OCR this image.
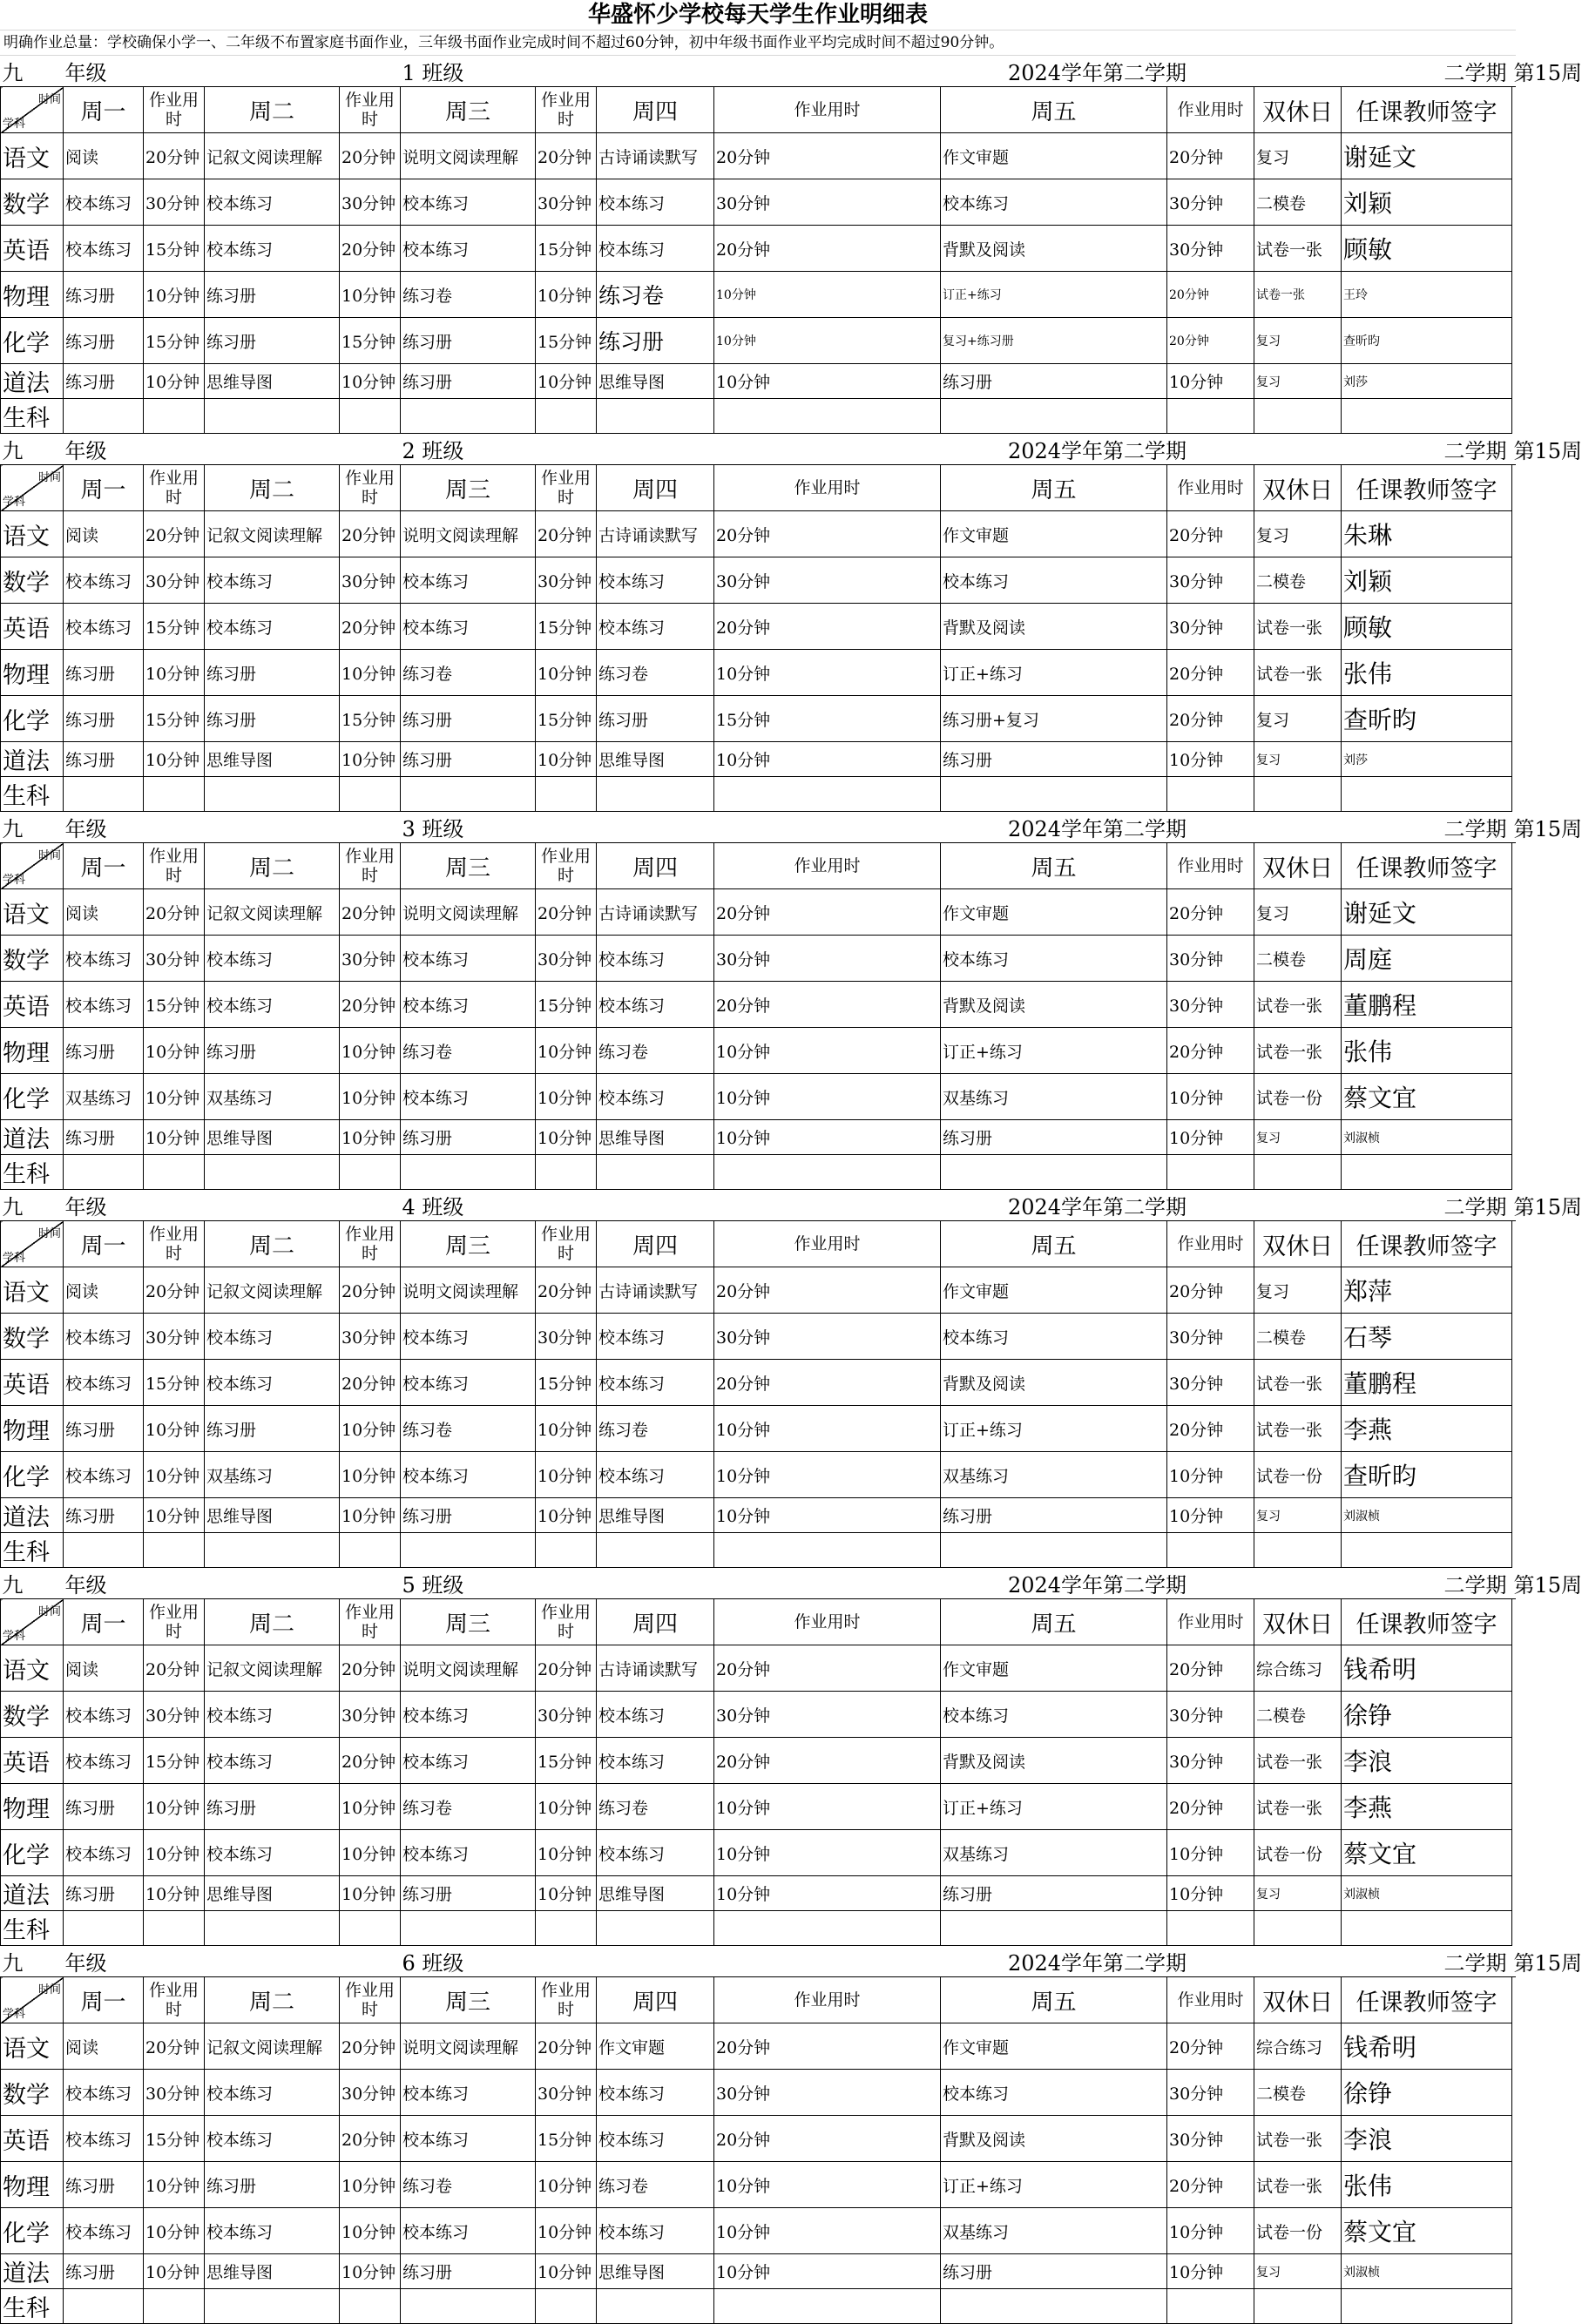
华盛怀少学校每天学生作业明细表
明确作业总量：学校确保小学一、二年级不布置家庭书面作业，三年级书面作业完成时间不超过60分钟，初中年级书面作业平均完成时间不超过90分钟。
九	年级				1 班级				2024学年第二学期		二学期		第15周

时间
学科	周一	作业用时	周二	作业用时	周三	作业用时	周四	作业用时	周五	作业用时	双休日	任课教师签字	
语文	阅读	20分钟	记叙文阅读理解	20分钟	说明文阅读理解	20分钟	古诗诵读默写	20分钟	作文审题	20分钟	复习	谢延文	
数学	校本练习	30分钟	校本练习	30分钟	校本练习	30分钟	校本练习	30分钟	校本练习	30分钟	二模卷	刘颖	
英语	校本练习	15分钟	校本练习	20分钟	校本练习	15分钟	校本练习	20分钟	背默及阅读	30分钟	试卷一张	顾敏	
物理	练习册	10分钟	练习册	10分钟	练习卷	10分钟	练习卷	10分钟	订正+练习	20分钟	试卷一张	王玲	
化学	练习册	15分钟	练习册	15分钟	练习册	15分钟	练习册	10分钟	复习+练习册	20分钟	复习	查昕昀	
道法	练习册	10分钟	思维导图	10分钟	练习册	10分钟	思维导图	10分钟	练习册	10分钟	复习	刘莎	
生科													
九	年级				2 班级				2024学年第二学期		二学期		第15周

时间
学科	周一	作业用时	周二	作业用时	周三	作业用时	周四	作业用时	周五	作业用时	双休日	任课教师签字	
语文	阅读	20分钟	记叙文阅读理解	20分钟	说明文阅读理解	20分钟	古诗诵读默写	20分钟	作文审题	20分钟	复习	朱琳	
数学	校本练习	30分钟	校本练习	30分钟	校本练习	30分钟	校本练习	30分钟	校本练习	30分钟	二模卷	刘颖	
英语	校本练习	15分钟	校本练习	20分钟	校本练习	15分钟	校本练习	20分钟	背默及阅读	30分钟	试卷一张	顾敏	
物理	练习册	10分钟	练习册	10分钟	练习卷	10分钟	练习卷	10分钟	订正+练习	20分钟	试卷一张	张伟	
化学	练习册	15分钟	练习册	15分钟	练习册	15分钟	练习册	15分钟	练习册+复习	20分钟	复习	查昕昀	
道法	练习册	10分钟	思维导图	10分钟	练习册	10分钟	思维导图	10分钟	练习册	10分钟	复习	刘莎	
生科													
九	年级				3 班级				2024学年第二学期		二学期		第15周

时间
学科	周一	作业用时	周二	作业用时	周三	作业用时	周四	作业用时	周五	作业用时	双休日	任课教师签字	
语文	阅读	20分钟	记叙文阅读理解	20分钟	说明文阅读理解	20分钟	古诗诵读默写	20分钟	作文审题	20分钟	复习	谢延文	
数学	校本练习	30分钟	校本练习	30分钟	校本练习	30分钟	校本练习	30分钟	校本练习	30分钟	二模卷	周庭	
英语	校本练习	15分钟	校本练习	20分钟	校本练习	15分钟	校本练习	20分钟	背默及阅读	30分钟	试卷一张	董鹏程	
物理	练习册	10分钟	练习册	10分钟	练习卷	10分钟	练习卷	10分钟	订正+练习	20分钟	试卷一张	张伟	
化学	双基练习	10分钟	双基练习	10分钟	校本练习	10分钟	校本练习	10分钟	双基练习	10分钟	试卷一份	蔡文宜	
道法	练习册	10分钟	思维导图	10分钟	练习册	10分钟	思维导图	10分钟	练习册	10分钟	复习	刘淑桢	
生科													
九	年级				4 班级				2024学年第二学期		二学期		第15周

时间
学科	周一	作业用时	周二	作业用时	周三	作业用时	周四	作业用时	周五	作业用时	双休日	任课教师签字	
语文	阅读	20分钟	记叙文阅读理解	20分钟	说明文阅读理解	20分钟	古诗诵读默写	20分钟	作文审题	20分钟	复习	郑萍	
数学	校本练习	30分钟	校本练习	30分钟	校本练习	30分钟	校本练习	30分钟	校本练习	30分钟	二模卷	石琴	
英语	校本练习	15分钟	校本练习	20分钟	校本练习	15分钟	校本练习	20分钟	背默及阅读	30分钟	试卷一张	董鹏程	
物理	练习册	10分钟	练习册	10分钟	练习卷	10分钟	练习卷	10分钟	订正+练习	20分钟	试卷一张	李燕	
化学	校本练习	10分钟	双基练习	10分钟	校本练习	10分钟	校本练习	10分钟	双基练习	10分钟	试卷一份	查昕昀	
道法	练习册	10分钟	思维导图	10分钟	练习册	10分钟	思维导图	10分钟	练习册	10分钟	复习	刘淑桢	
生科													
九	年级				5 班级				2024学年第二学期		二学期		第15周

时间
学科	周一	作业用时	周二	作业用时	周三	作业用时	周四	作业用时	周五	作业用时	双休日	任课教师签字	
语文	阅读	20分钟	记叙文阅读理解	20分钟	说明文阅读理解	20分钟	古诗诵读默写	20分钟	作文审题	20分钟	综合练习	钱希明	
数学	校本练习	30分钟	校本练习	30分钟	校本练习	30分钟	校本练习	30分钟	校本练习	30分钟	二模卷	徐铮	
英语	校本练习	15分钟	校本练习	20分钟	校本练习	15分钟	校本练习	20分钟	背默及阅读	30分钟	试卷一张	李浪	
物理	练习册	10分钟	练习册	10分钟	练习卷	10分钟	练习卷	10分钟	订正+练习	20分钟	试卷一张	李燕	
化学	校本练习	10分钟	校本练习	10分钟	校本练习	10分钟	校本练习	10分钟	双基练习	10分钟	试卷一份	蔡文宜	
道法	练习册	10分钟	思维导图	10分钟	练习册	10分钟	思维导图	10分钟	练习册	10分钟	复习	刘淑桢	
生科													
九	年级				6 班级				2024学年第二学期		二学期		第15周

时间
学科	周一	作业用时	周二	作业用时	周三	作业用时	周四	作业用时	周五	作业用时	双休日	任课教师签字	
语文	阅读	20分钟	记叙文阅读理解	20分钟	说明文阅读理解	20分钟	作文审题	20分钟	作文审题	20分钟	综合练习	钱希明	
数学	校本练习	30分钟	校本练习	30分钟	校本练习	30分钟	校本练习	30分钟	校本练习	30分钟	二模卷	徐铮	
英语	校本练习	15分钟	校本练习	20分钟	校本练习	15分钟	校本练习	20分钟	背默及阅读	30分钟	试卷一张	李浪	
物理	练习册	10分钟	练习册	10分钟	练习卷	10分钟	练习卷	10分钟	订正+练习	20分钟	试卷一张	张伟	
化学	校本练习	10分钟	校本练习	10分钟	校本练习	10分钟	校本练习	10分钟	双基练习	10分钟	试卷一份	蔡文宜	
道法	练习册	10分钟	思维导图	10分钟	练习册	10分钟	思维导图	10分钟	练习册	10分钟	复习	刘淑桢	
生科													
